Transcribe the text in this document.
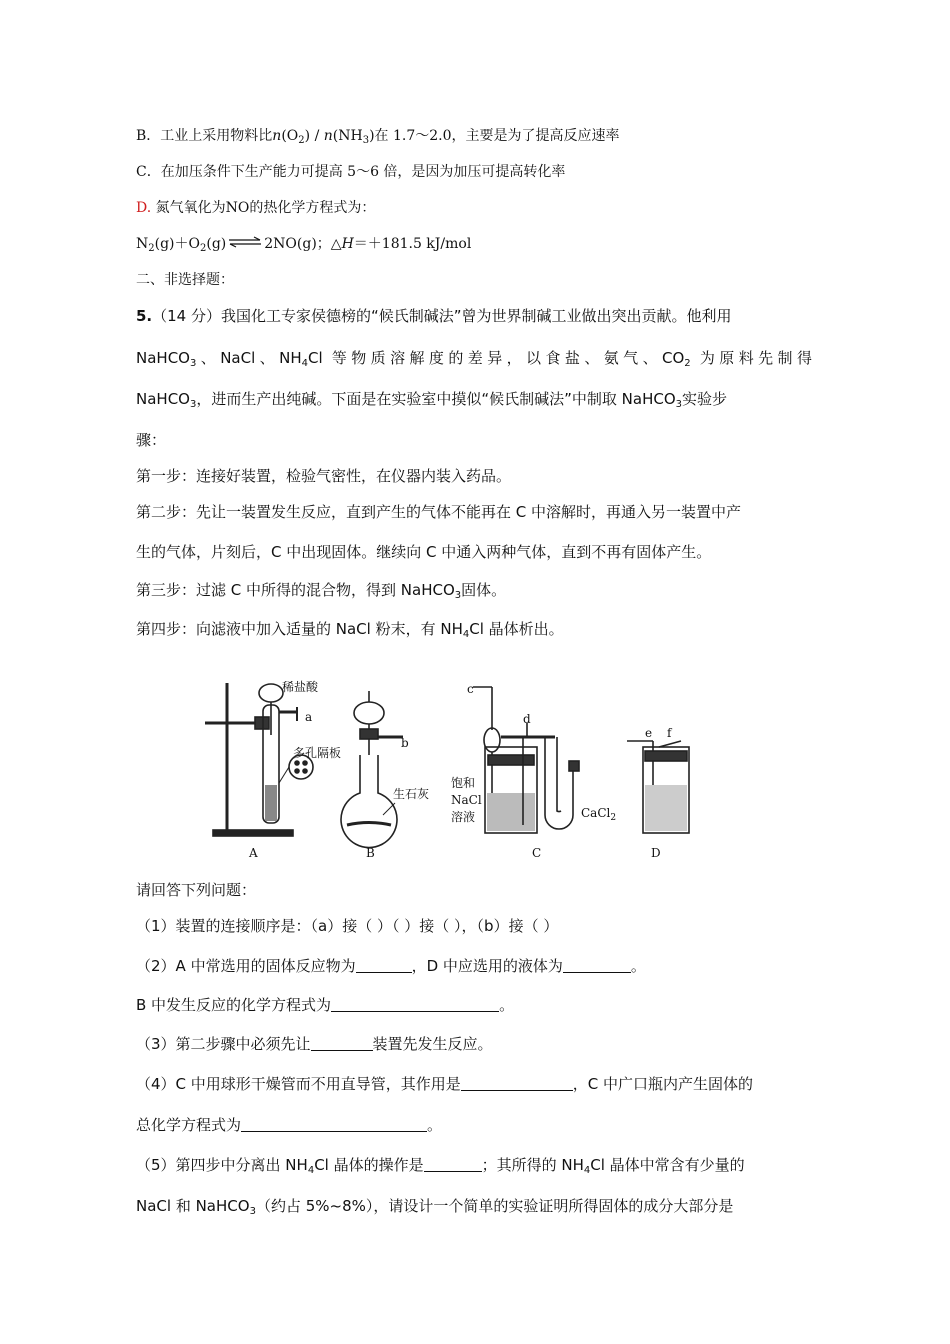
B．工业上采用物料比$n(O_2) / n(NH_3)$在 1.7～2.0，主要是为了提高反应速率
C．在加压条件下生产能力可提高 5～6 倍，是因为加压可提高转化率
D. 氮气氧化为NO的热化学方程式为：
$N_2(g)+O_2(g)\rightleftharpoons 2NO(g)$；△H＝＋181.5 kJ/mol
二、非选择题：
5.（14 分）我国化工专家侯德榜的“候氏制碱法”曾为世界制碱工业做出突出贡献。他利用
NaHCO$_3$、NaCl、$NH_4Cl$ 等物质溶解度的差异，以食盐、氨气、$CO_2$ 为原料先制得
NaHCO$_3$，进而生产出纯碱。下面是在实验室中摸似“候氏制碱法”中制取 NaHCO$_3$实验步
骤：
第一步：连接好装置，检验气密性，在仪器内装入药品。
第二步：先让一装置发生反应，直到产生的气体不能再在 C 中溶解时，再通入另一装置中产
生的气体，片刻后，C 中出现固体。继续向 C 中通入两种气体，直到不再有固体产生。
第三步：过滤 C 中所得的混合物，得到 NaHCO$_3$固体。
第四步：向滤液中加入适量的 NaCl 粉末，有 $NH_4Cl$ 晶体析出。
稀盐酸
a
多孔隔板
b
生石灰
c
d
饱和
NaCl
溶液	CaCl$_2$
e f
A	B	C	D
请回答下列问题：
（1）装置的连接顺序是：（a）接（ ）（ ）接（ ），（b）接（ ）
（2）A 中常选用的固体反应物为	，D 中应选用的液体为	。
B 中发生反应的化学方程式为	。
（3）第二步骤中必须先让	装置先发生反应。
（4）C 中用球形干燥管而不用直导管，其作用是	，C 中广口瓶内产生固体的
总化学方程式为	。
（5）第四步中分离出 $NH_4Cl$ 晶体的操作是	；其所得的 $NH_4Cl$ 晶体中常含有少量的
NaCl 和 NaHCO$_3$（约占 5%~8%），请设计一个简单的实验证明所得固体的成分大部分是
